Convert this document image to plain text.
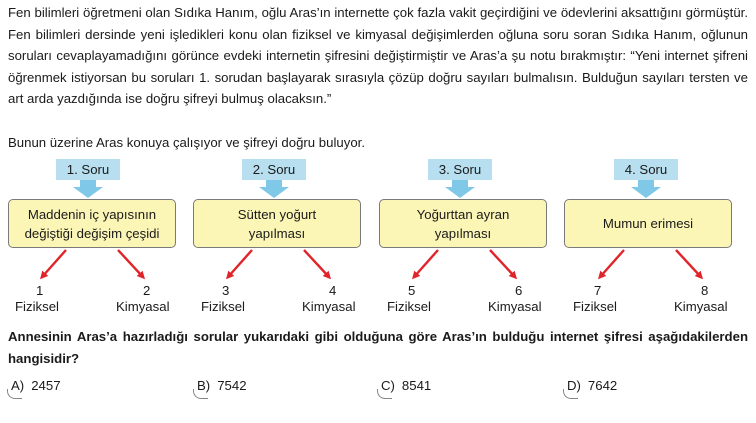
Fen bilimleri öğretmeni olan Sıdıka Hanım, oğlu Aras’ın internette çok fazla vakit geçirdiğini ve ödevlerini aksattığını görmüştür. Fen bilimleri dersinde yeni işledikleri konu olan fiziksel ve kimyasal değişimlerden oğluna soru soran Sıdıka Hanım, oğlunun soruları cevaplayamadığını görünce evdeki internetin şifresini değiştirmiştir ve Aras’a şu notu bırakmıştır: “Yeni internet şifreni öğrenmek istiyorsan bu soruları 1. sorudan başlayarak sırasıyla çözüp doğru sayıları bulmalısın. Bulduğun sayıları tersten ve art arda yazdığında ise doğru şifreyi bulmuş olacaksın.”

Bunun üzerine Aras konuya çalışıyor ve şifreyi doğru buluyor.

1. Soru
Maddenin iç yapısının değiştiği değişim çeşidi
1
Fiziksel
2
Kimyasal
2. Soru
Sütten yoğurt yapılması
3
Fiziksel
4
Kimyasal
3. Soru
Yoğurttan ayran yapılması
5
Fiziksel
6
Kimyasal
4. Soru
Mumun erimesi
7
Fiziksel
8
Kimyasal

Annesinin Aras’a hazırladığı sorular yukarıdaki gibi olduğuna göre Aras’ın bulduğu internet şifresi aşağıdakilerden hangisidir?

A) 2457	B) 7542	C) 8541	D) 7642
